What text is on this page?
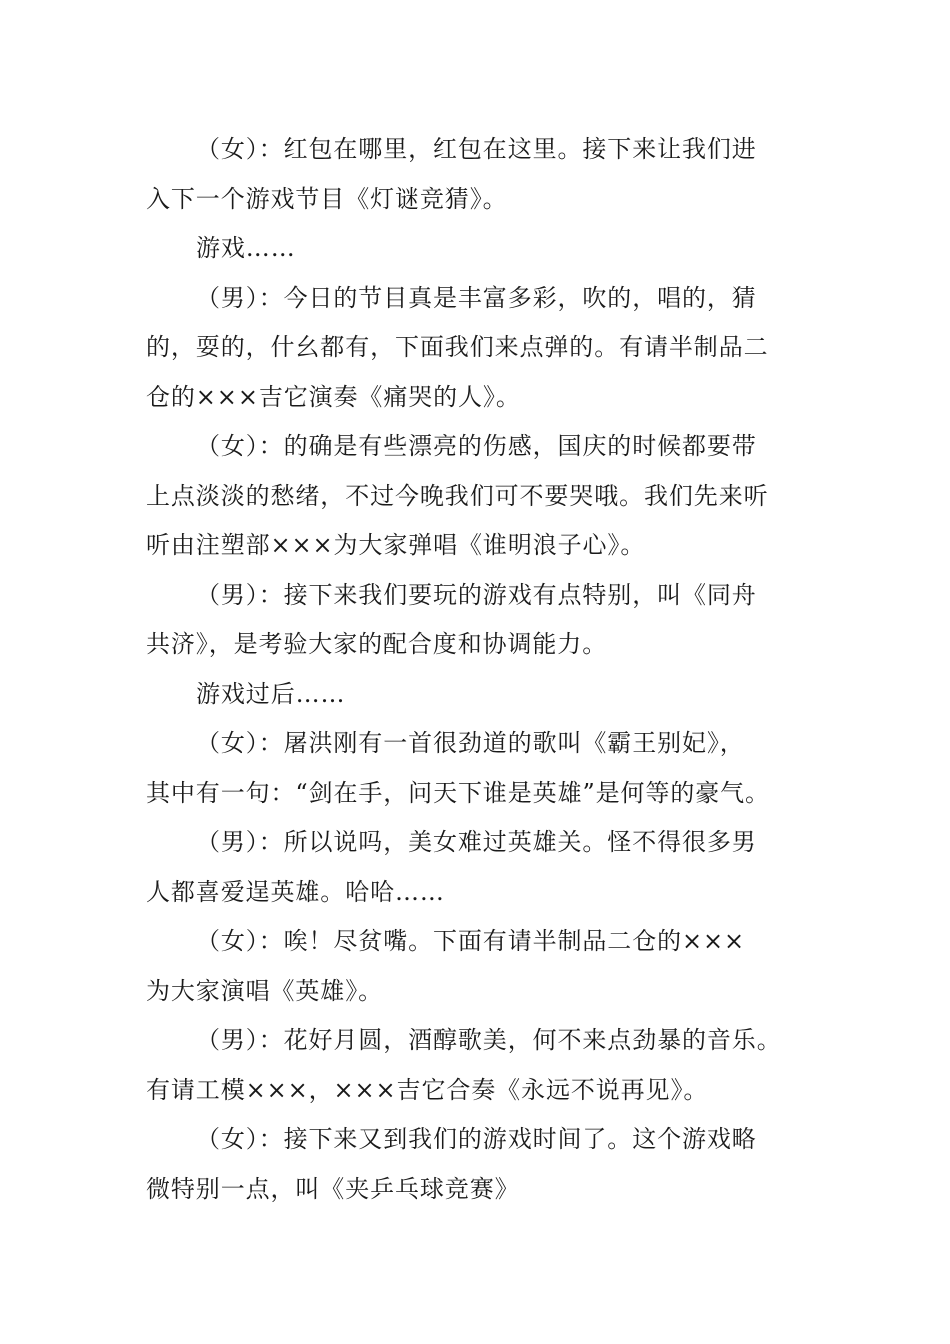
（女）：红包在哪里，红包在这里。接下来让我们进
入下一个游戏节目《灯谜竞猜》。

游戏……

（男）：今日的节目真是丰富多彩，吹的，唱的，猜
的，耍的，什幺都有，下面我们来点弹的。有请半制品二
仓的×××吉它演奏《痛哭的人》。

（女）：的确是有些漂亮的伤感，国庆的时候都要带
上点淡淡的愁绪，不过今晚我们可不要哭哦。我们先来听
听由注塑部×××为大家弹唱《谁明浪子心》。

（男）：接下来我们要玩的游戏有点特别，叫《同舟
共济》，是考验大家的配合度和协调能力。

游戏过后……

（女）：屠洪刚有一首很劲道的歌叫《霸王别妃》，
其中有一句：“剑在手，问天下谁是英雄”是何等的豪气。

（男）：所以说吗，美女难过英雄关。怪不得很多男
人都喜爱逞英雄。哈哈……

（女）：唉！尽贫嘴。下面有请半制品二仓的×××
为大家演唱《英雄》。

（男）：花好月圆，酒醇歌美，何不来点劲暴的音乐。
有请工模×××，×××吉它合奏《永远不说再见》。

（女）：接下来又到我们的游戏时间了。这个游戏略
微特别一点，叫《夹乒乓球竞赛》
